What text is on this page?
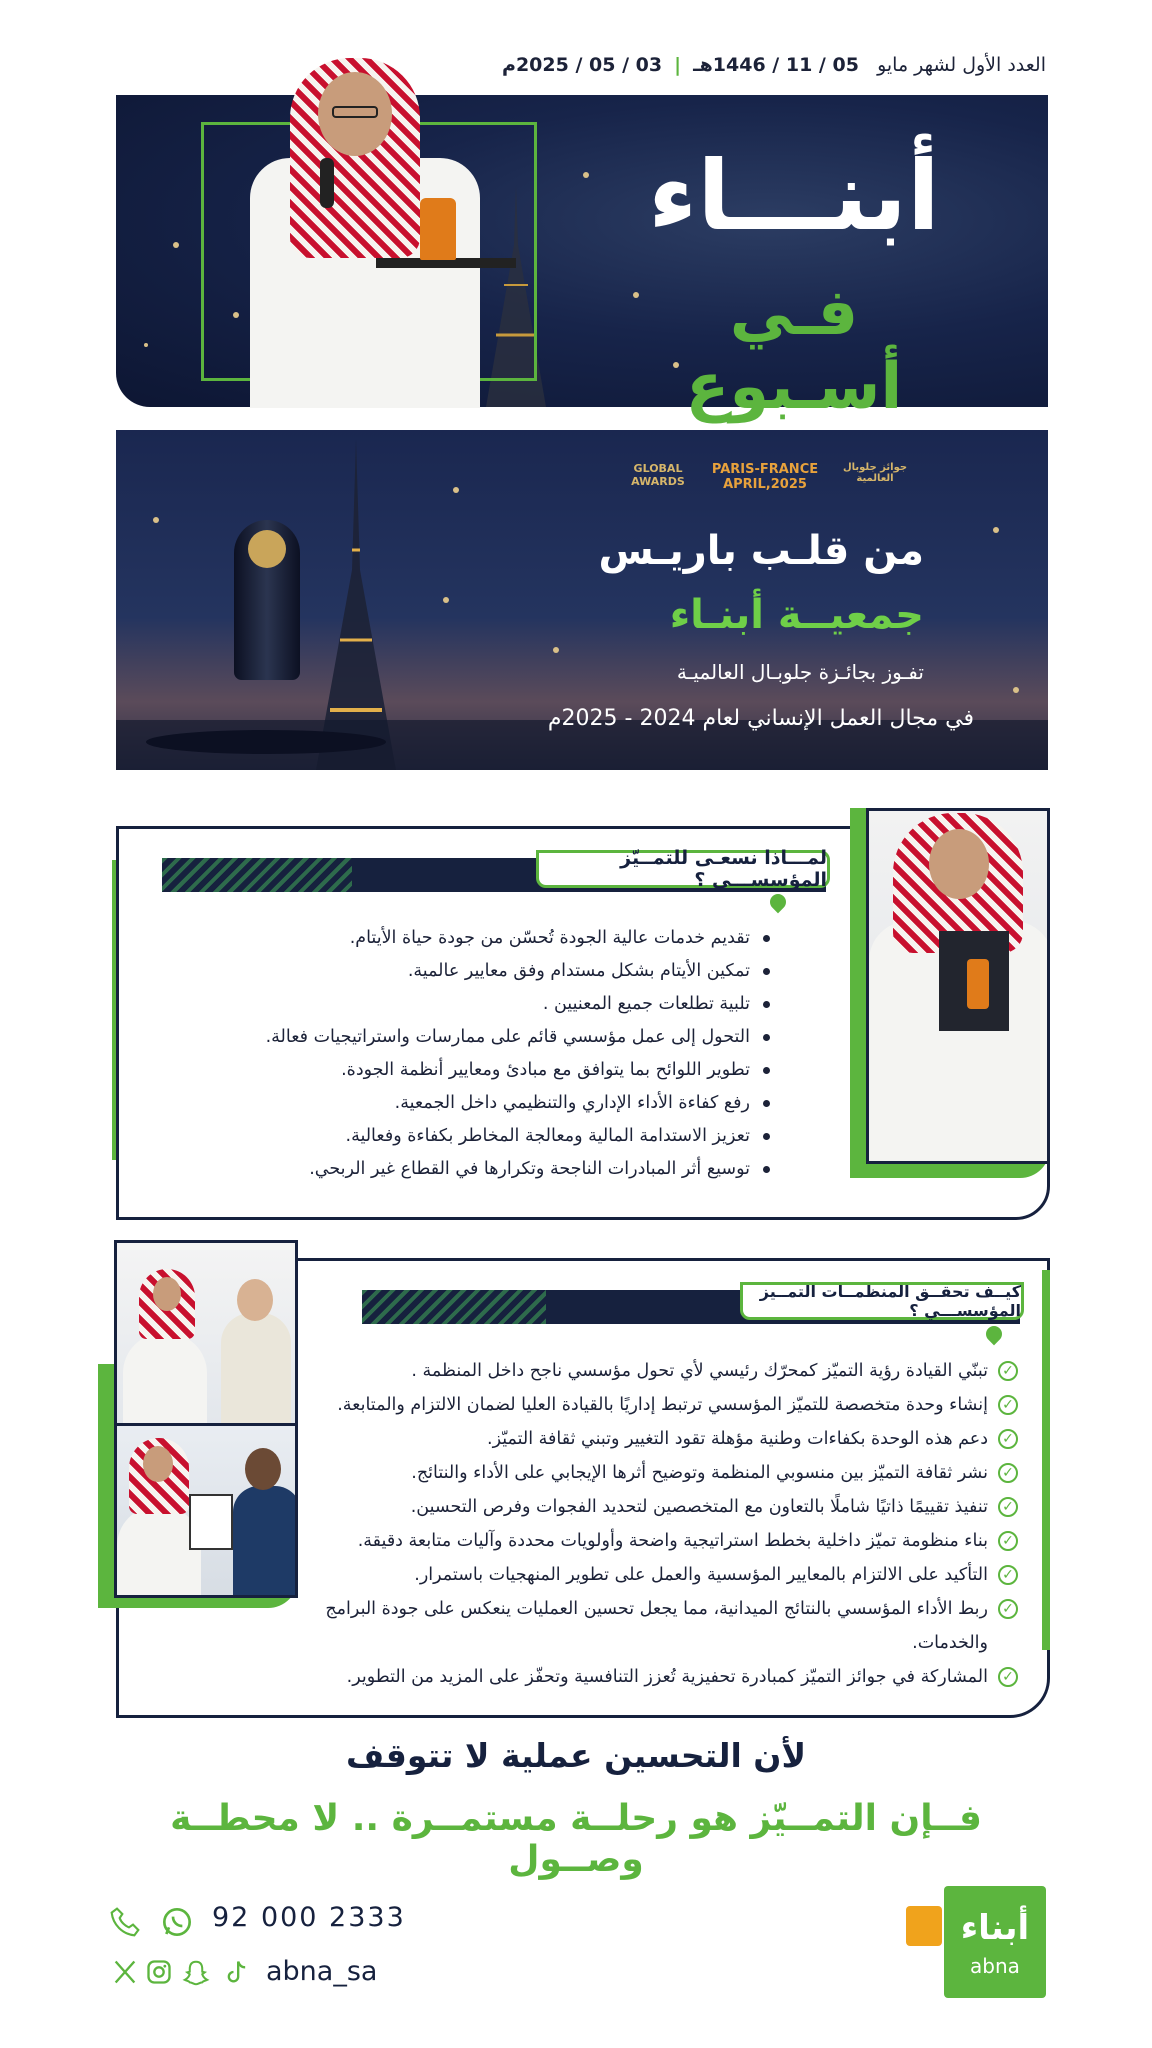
العدد الأول لشهر مايو   05 / 11 / 1446هـ | 03 / 05 / 2025م
أبنـــاء
فـي أسـبوع
GLOBAL AWARDS
PARIS-FRANCE APRIL,2025
جوائز جلوبال العالمية
من قلـب باريـس
جمعيــة أبنـاء
تفـوز بجائـزة جلوبـال العالميـة
في مجال العمل الإنساني لعام 2024 - 2025م
لمـــاذا نسعـى للتمــيّز المؤسســـي ؟
تقديم خدمات عالية الجودة تُحسّن من جودة حياة الأيتام.
تمكين الأيتام بشكل مستدام وفق معايير عالمية.
تلبية تطلعات جميع المعنيين .
التحول إلى عمل مؤسسي قائم على ممارسات واستراتيجيات فعالة.
تطوير اللوائح بما يتوافق مع مبادئ ومعايير أنظمة الجودة.
رفع كفاءة الأداء الإداري والتنظيمي داخل الجمعية.
تعزيز الاستدامة المالية ومعالجة المخاطر بكفاءة وفعالية.
توسيع أثر المبادرات الناجحة وتكرارها في القطاع غير الربحي.
كيــف تحقــق المنظمــات التمــيز المؤسســـي ؟
✓
تبنّي القيادة رؤية التميّز كمحرّك رئيسي لأي تحول مؤسسي ناجح داخل المنظمة .
✓
إنشاء وحدة متخصصة للتميّز المؤسسي ترتبط إداريًا بالقيادة العليا لضمان الالتزام والمتابعة.
✓
دعم هذه الوحدة بكفاءات وطنية مؤهلة تقود التغيير وتبني ثقافة التميّز.
✓
نشر ثقافة التميّز بين منسوبي المنظمة وتوضيح أثرها الإيجابي على الأداء والنتائج.
✓
تنفيذ تقييمًا ذاتيًا شاملًا بالتعاون مع المتخصصين لتحديد الفجوات وفرص التحسين.
✓
بناء منظومة تميّز داخلية بخطط استراتيجية واضحة وأولويات محددة وآليات متابعة دقيقة.
✓
التأكيد على الالتزام بالمعايير المؤسسية والعمل على تطوير المنهجيات باستمرار.
✓
ربط الأداء المؤسسي بالنتائج الميدانية، مما يجعل تحسين العمليات ينعكس على جودة البرامج والخدمات.
✓
المشاركة في جوائز التميّز كمبادرة تحفيزية تُعزز التنافسية وتحفّز على المزيد من التطوير.
لأن التحسين عملية لا تتوقف
فــإن التمــيّز هو رحلــة مستمــرة .. لا محطــة وصــول
92 000 2333
abna_sa
أبناء
abna
